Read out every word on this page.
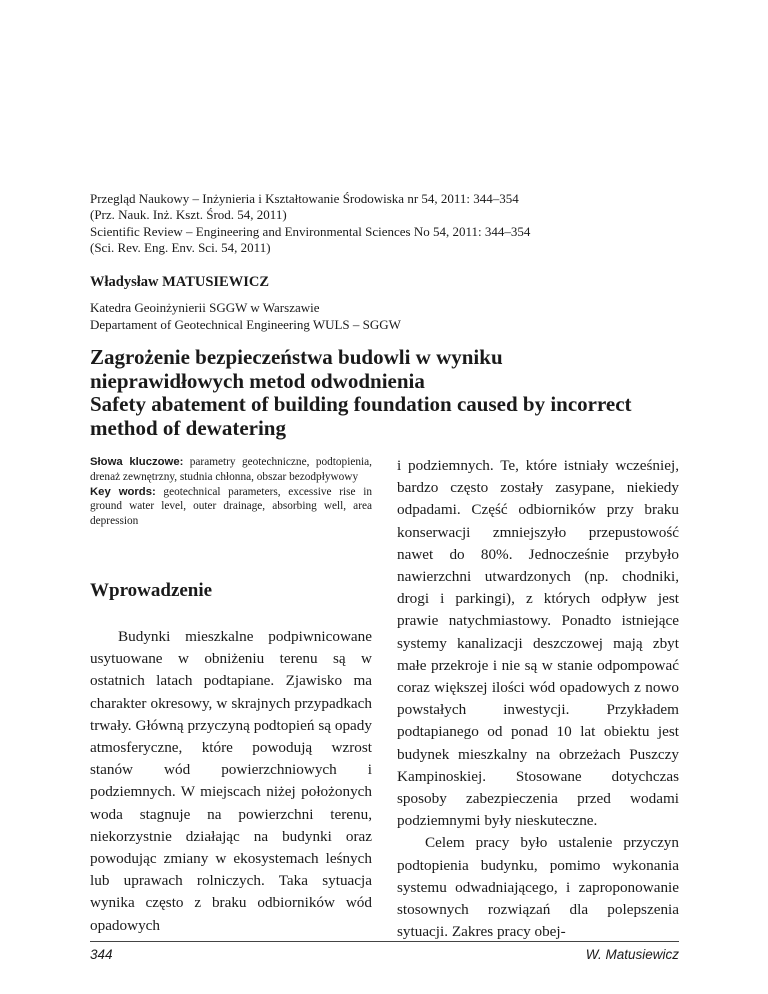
Przegląd Naukowy – Inżynieria i Kształtowanie Środowiska nr 54, 2011: 344–354
(Prz. Nauk. Inż. Kszt. Środ. 54, 2011)
Scientific Review – Engineering and Environmental Sciences No 54, 2011: 344–354
(Sci. Rev. Eng. Env. Sci. 54, 2011)
Władysław MATUSIEWICZ
Katedra Geoinżynierii SGGW w Warszawie
Departament of Geotechnical Engineering WULS – SGGW
Zagrożenie bezpieczeństwa budowli w wyniku
nieprawidłowych metod odwodnienia
Safety abatement of building foundation caused by incorrect
method of dewatering
Słowa kluczowe: parametry geotechniczne, podtopienia, drenaż zewnętrzny, studnia chłonna, obszar bezodpływowy
Key words: geotechnical parameters, excessive rise in ground water level, outer drainage, absorbing well, area depression
Wprowadzenie

Budynki mieszkalne podpiwnicowane usytuowane w obniżeniu terenu są w ostatnich latach podtapiane. Zjawisko ma charakter okresowy, w skrajnych przypadkach trwały. Główną przyczyną podtopień są opady atmosferyczne, które powodują wzrost stanów wód powierzchniowych i podziemnych. W miejscach niżej położonych woda stagnuje na powierzchni terenu, niekorzystnie działając na budynki oraz powodując zmiany w ekosystemach leśnych lub uprawach rolniczych. Taka sytuacja wynika często z braku odbiorników wód opadowych

i podziemnych. Te, które istniały wcześniej, bardzo często zostały zasypane, niekiedy odpadami. Część odbiorników przy braku konserwacji zmniejszyło przepustowość nawet do 80%. Jednocześnie przybyło nawierzchni utwardzonych (np. chodniki, drogi i parkingi), z których odpływ jest prawie natychmiastowy. Ponadto istniejące systemy kanalizacji deszczowej mają zbyt małe przekroje i nie są w stanie odpompować coraz większej ilości wód opadowych z nowo powstałych inwestycji. Przykładem podtapianego od ponad 10 lat obiektu jest budynek mieszkalny na obrzeżach Puszczy Kampinoskiej. Stosowane dotychczas sposoby zabezpieczenia przed wodami podziemnymi były nieskuteczne.

Celem pracy było ustalenie przyczyn podtopienia budynku, pomimo wykonania systemu odwadniającego, i zaproponowanie stosownych rozwiązań dla polepszenia sytuacji. Zakres pracy obej-

344	W. Matusiewicz
